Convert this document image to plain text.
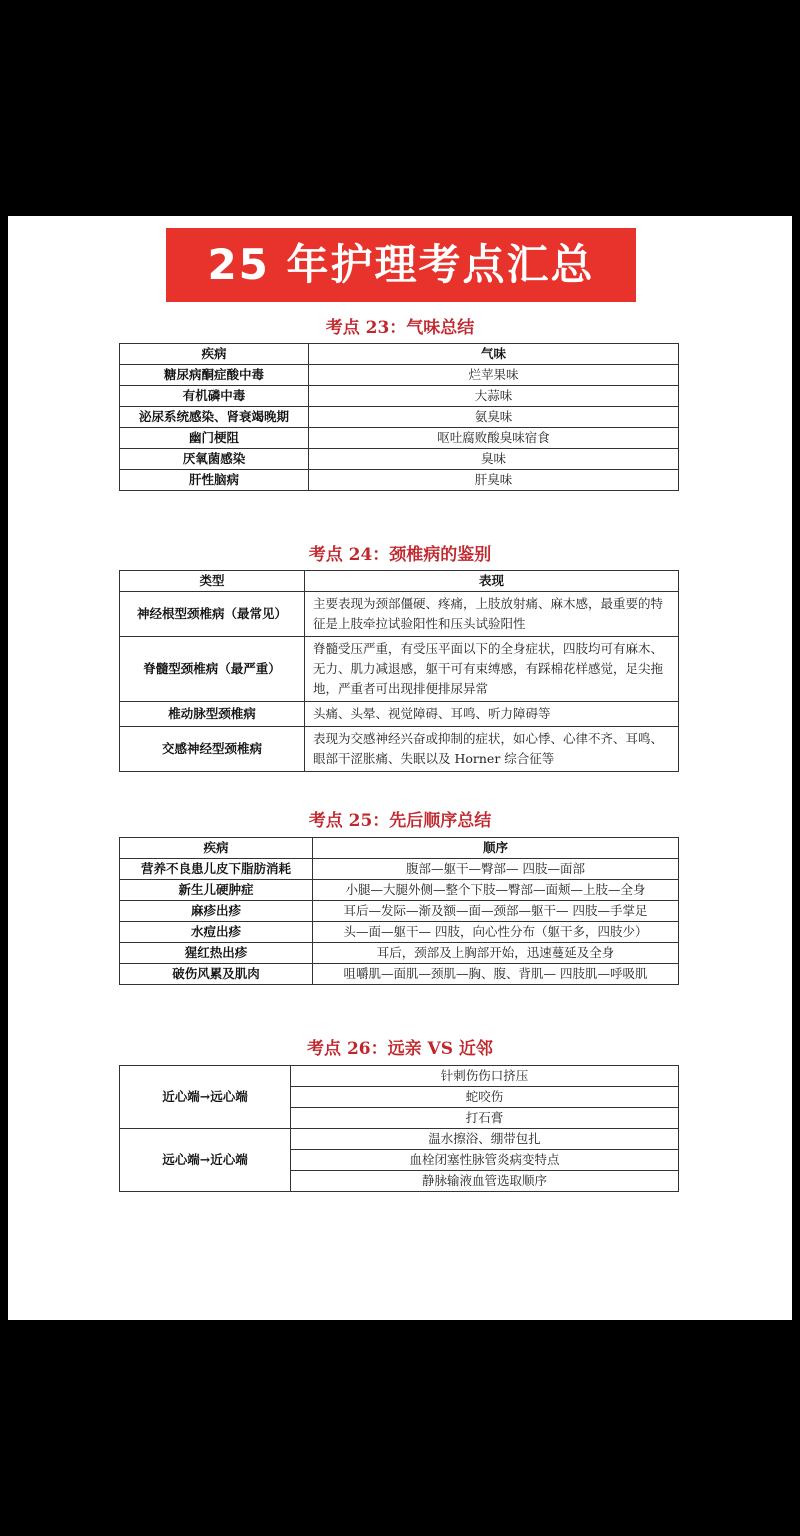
25 年护理考点汇总
考点 23：气味总结
疾病	气味
糖尿病酮症酸中毒	烂苹果味
有机磷中毒	大蒜味
泌尿系统感染、肾衰竭晚期	氨臭味
幽门梗阻	呕吐腐败酸臭味宿食
厌氧菌感染	臭味
肝性脑病	肝臭味
考点 24：颈椎病的鉴别
类型	表现
神经根型颈椎病（最常见）	主要表现为颈部僵硬、疼痛，上肢放射痛、麻木感，最重要的特征是上肢牵拉试验阳性和压头试验阳性
脊髓型颈椎病（最严重）	脊髓受压严重，有受压平面以下的全身症状，四肢均可有麻木、无力、肌力减退感，躯干可有束缚感，有踩棉花样感觉，足尖拖地，严重者可出现排便排尿异常
椎动脉型颈椎病	头痛、头晕、视觉障碍、耳鸣、听力障碍等
交感神经型颈椎病	表现为交感神经兴奋或抑制的症状，如心悸、心律不齐、耳鸣、眼部干涩胀痛、失眠以及 Horner 综合征等
考点 25：先后顺序总结
疾病	顺序
营养不良患儿皮下脂肪消耗	腹部—躯干—臀部— 四肢—面部
新生儿硬肿症	小腿—大腿外侧—整个下肢—臀部—面颊—上肢—全身
麻疹出疹	耳后—发际—渐及额—面—颈部—躯干— 四肢—手掌足
水痘出疹	头—面—躯干— 四肢，向心性分布（躯干多，四肢少）
猩红热出疹	耳后，颈部及上胸部开始，迅速蔓延及全身
破伤风累及肌肉	咀嚼肌—面肌—颈肌—胸、腹、背肌— 四肢肌—呼吸肌
考点 26：远亲 VS 近邻
近心端→远心端	针刺伤伤口挤压
	蛇咬伤
	打石膏
远心端→近心端	温水擦浴、绷带包扎
	血栓闭塞性脉管炎病变特点
	静脉输液血管选取顺序
